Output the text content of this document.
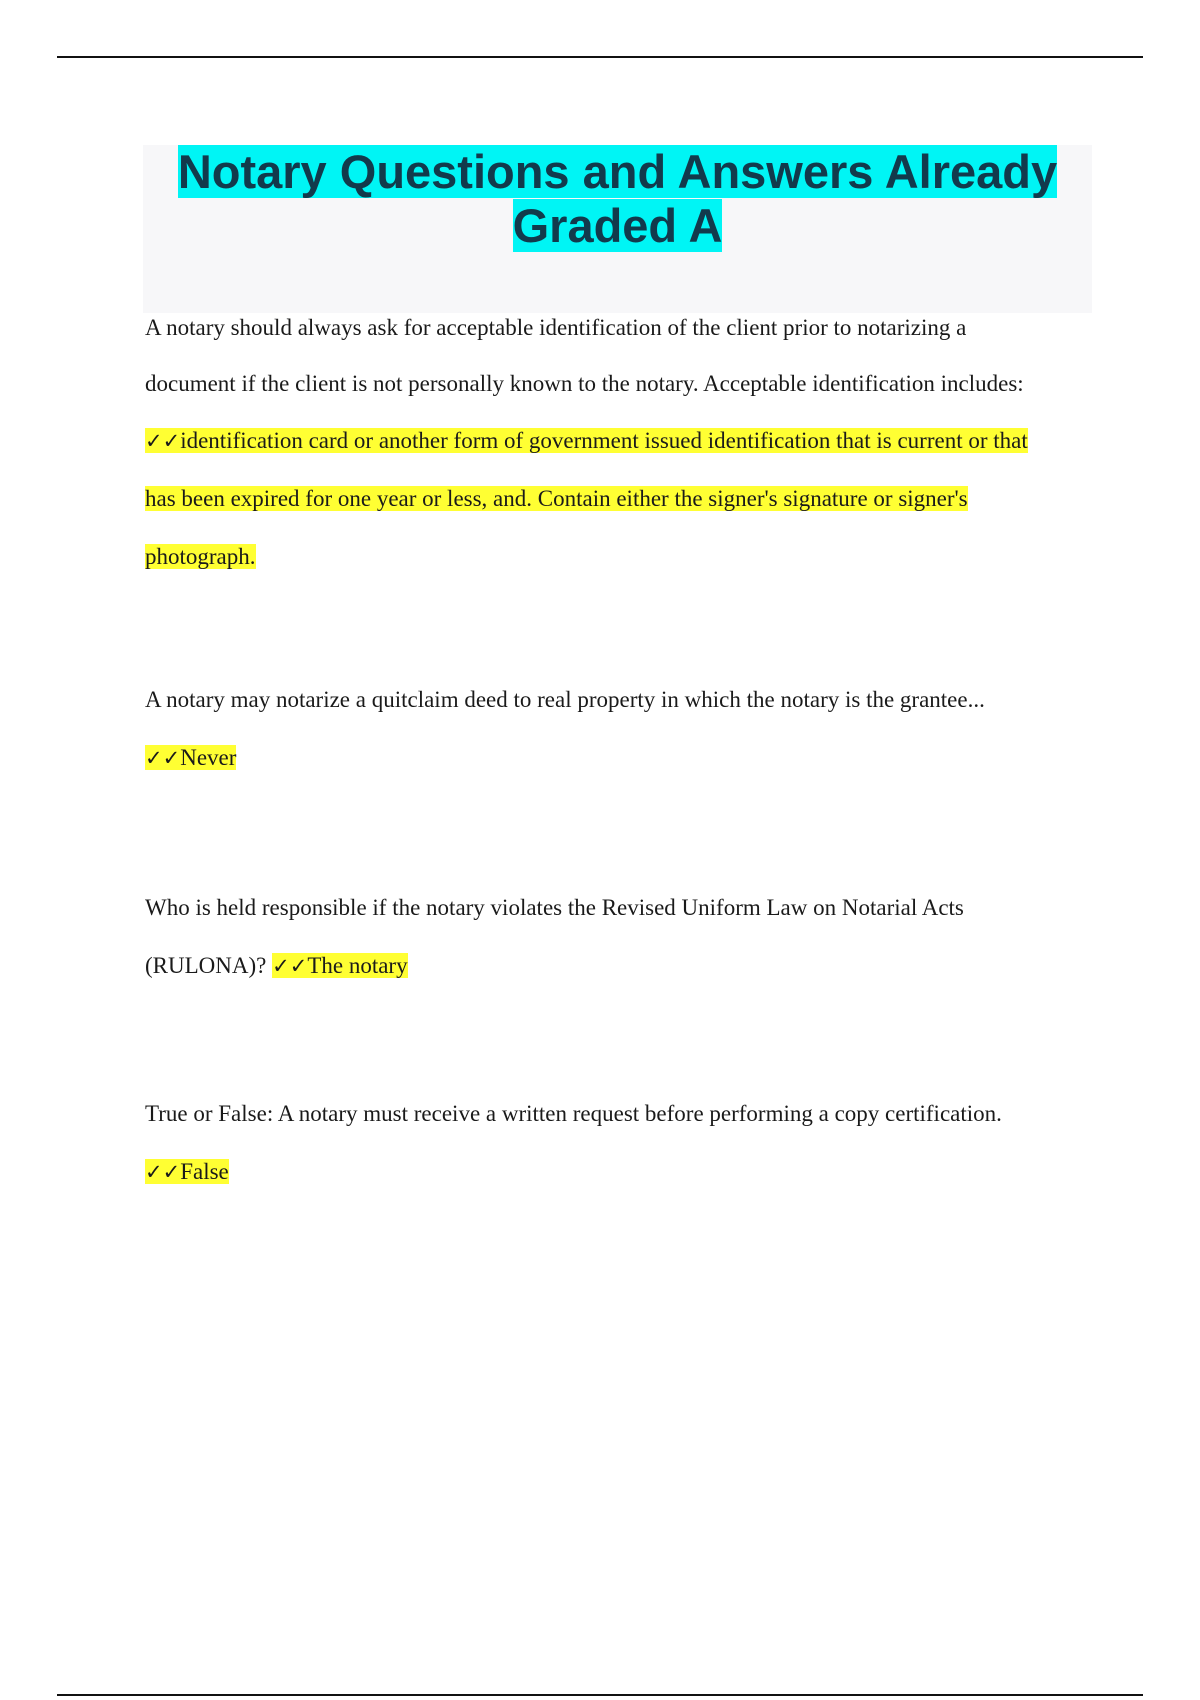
Notary Questions and Answers Already
Graded A
A notary should always ask for acceptable identification of the client prior to notarizing a
document if the client is not personally known to the notary. Acceptable identification includes:
✓✓identification card or another form of government issued identification that is current or that
has been expired for one year or less, and. Contain either the signer's signature or signer's
photograph.
A notary may notarize a quitclaim deed to real property in which the notary is the grantee...
✓✓Never
Who is held responsible if the notary violates the Revised Uniform Law on Notarial Acts
(RULONA)? ✓✓The notary
True or False: A notary must receive a written request before performing a copy certification.
✓✓False
